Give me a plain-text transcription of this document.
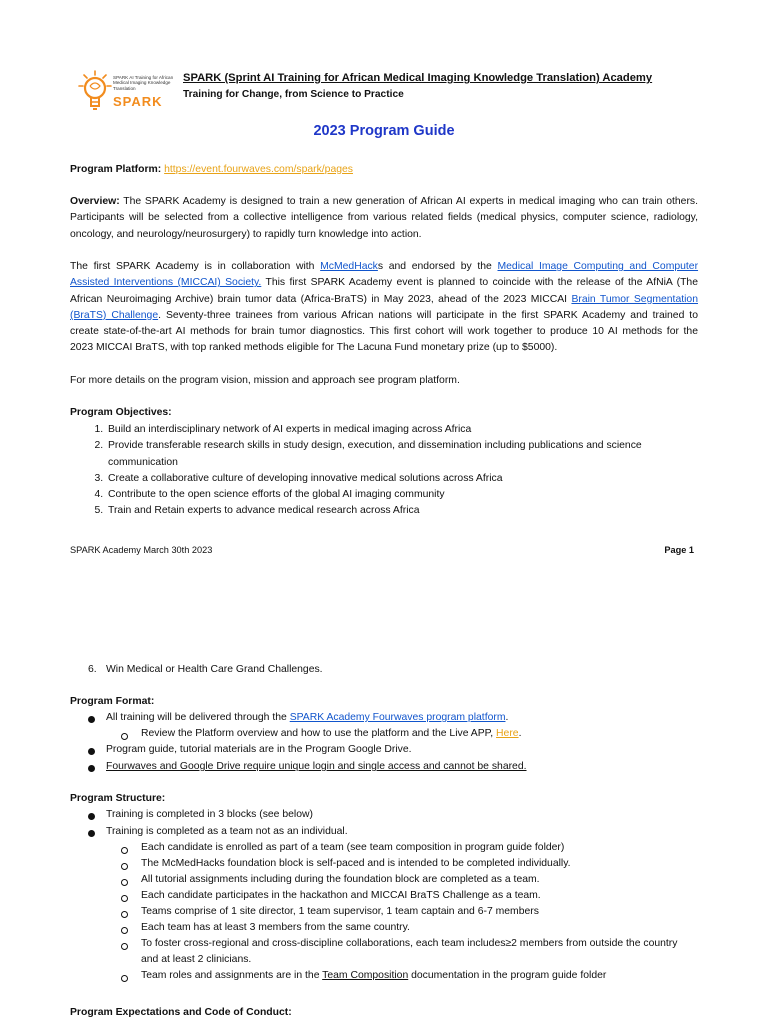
SPARK AI Training for African
Medical Imaging Knowledge
Translation
SPARK
SPARK (Sprint AI Training for African Medical Imaging Knowledge Translation) Academy
Training for Change, from Science to Practice
2023 Program Guide
Program Platform: https://event.fourwaves.com/spark/pages
Overview: The SPARK Academy is designed to train a new generation of African AI experts in medical imaging who can train others.
Participants will be selected from a collective intelligence from various related fields (medical physics, computer science, radiology,
oncology, and neurology/neurosurgery) to rapidly turn knowledge into action.
The first SPARK Academy is in collaboration with McMedHacks and endorsed by the Medical Image Computing and Computer
Assisted Interventions (MICCAI) Society. This first SPARK Academy event is planned to coincide with the release of the AfNiA (The
African Neuroimaging Archive) brain tumor data (Africa-BraTS) in May 2023, ahead of the 2023 MICCAI Brain Tumor Segmentation
(BraTS) Challenge. Seventy-three trainees from various African nations will participate in the first SPARK Academy and trained to
create state-of-the-art AI methods for brain tumor diagnostics. This first cohort will work together to produce 10 AI methods for the
2023 MICCAI BraTS, with top ranked methods eligible for The Lacuna Fund monetary prize (up to $5000).
For more details on the program vision, mission and approach see program platform.
Program Objectives:
1. Build an interdisciplinary network of AI experts in medical imaging across Africa
2. Provide transferable research skills in study design, execution, and dissemination including publications and science
communication
3. Create a collaborative culture of developing innovative medical solutions across Africa
4. Contribute to the open science efforts of the global AI imaging community
5. Train and Retain experts to advance medical research across Africa
SPARK Academy March 30th 2023	Page 1
6. Win Medical or Health Care Grand Challenges.
Program Format:
All training will be delivered through the SPARK Academy Fourwaves program platform.
Review the Platform overview and how to use the platform and the Live APP, Here.
Program guide, tutorial materials are in the Program Google Drive.
Fourwaves and Google Drive require unique login and single access and cannot be shared.
Program Structure:
Training is completed in 3 blocks (see below)
Training is completed as a team not as an individual.
Each candidate is enrolled as part of a team (see team composition in program guide folder)
The McMedHacks foundation block is self-paced and is intended to be completed individually.
All tutorial assignments including during the foundation block are completed as a team.
Each candidate participates in the hackathon and MICCAI BraTS Challenge as a team.
Teams comprise of 1 site director, 1 team supervisor, 1 team captain and 6-7 members
Each team has at least 3 members from the same country.
To foster cross-regional and cross-discipline collaborations, each team includes≥2 members from outside the country
and at least 2 clinicians.
Team roles and assignments are in the Team Composition documentation in the program guide folder
Program Expectations and Code of Conduct:
